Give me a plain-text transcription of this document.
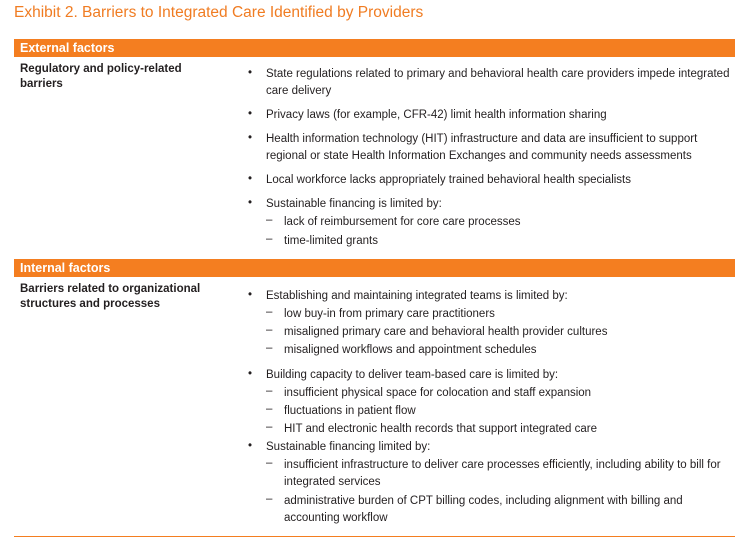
Exhibit 2. Barriers to Integrated Care Identified by Providers
External factors
Regulatory and policy-related barriers
• State regulations related to primary and behavioral health care providers impede integrated care delivery
• Privacy laws (for example, CFR-42) limit health information sharing
• Health information technology (HIT) infrastructure and data are insufficient to support regional or state Health Information Exchanges and community needs assessments
• Local workforce lacks appropriately trained behavioral health specialists
• Sustainable financing is limited by:
– lack of reimbursement for core care processes
– time-limited grants
Internal factors
Barriers related to organizational structures and processes
• Establishing and maintaining integrated teams is limited by:
– low buy-in from primary care practitioners
– misaligned primary care and behavioral health provider cultures
– misaligned workflows and appointment schedules
• Building capacity to deliver team-based care is limited by:
– insufficient physical space for colocation and staff expansion
– fluctuations in patient flow
– HIT and electronic health records that support integrated care
• Sustainable financing limited by:
– insufficient infrastructure to deliver care processes efficiently, including ability to bill for integrated services
– administrative burden of CPT billing codes, including alignment with billing and accounting workflow
